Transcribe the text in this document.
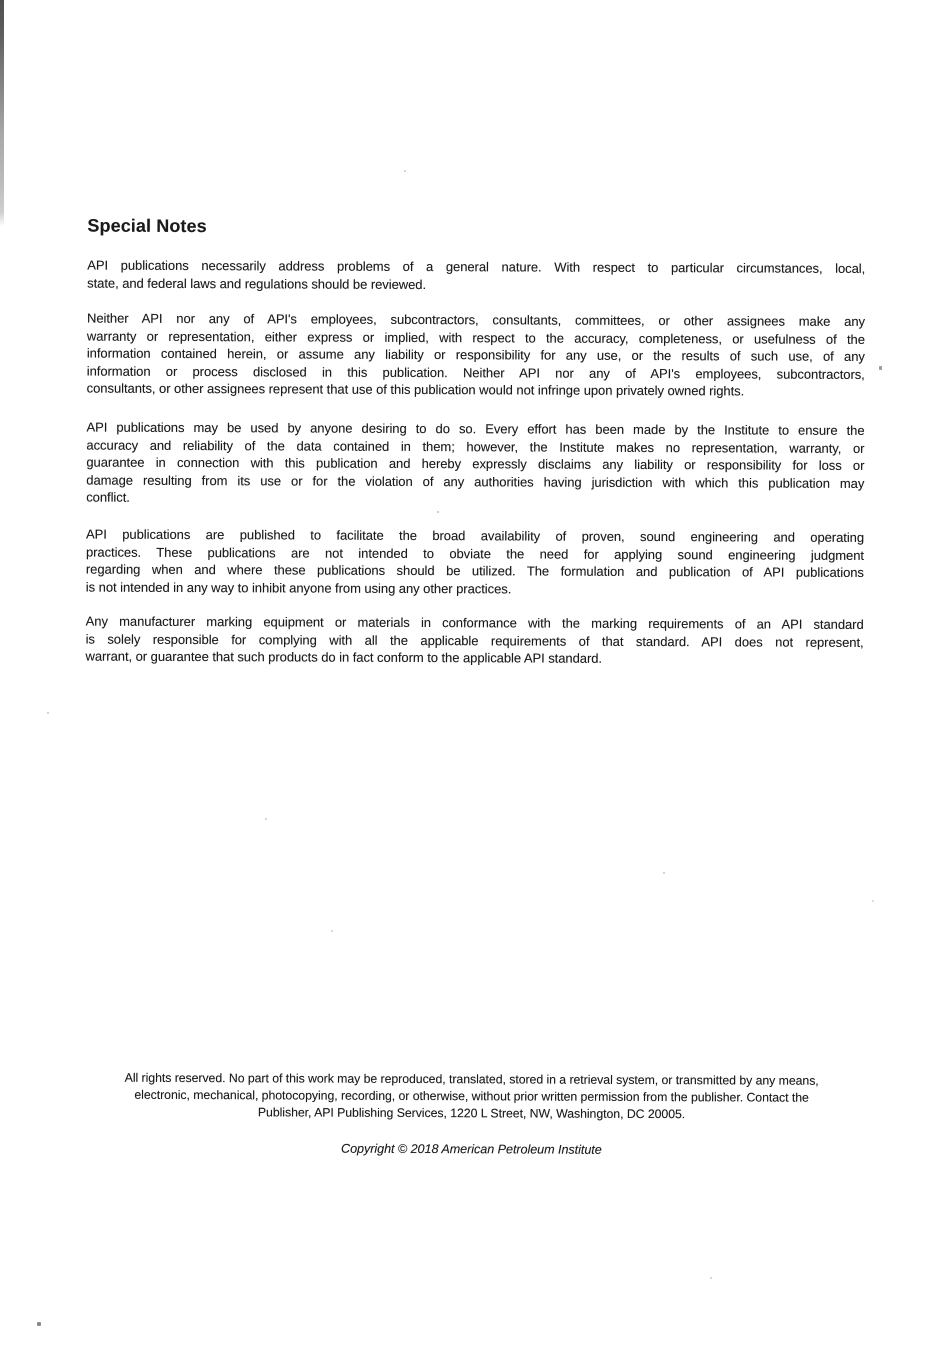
Special Notes
API publications necessarily address problems of a general nature. With respect to particular circumstances, local,
state, and federal laws and regulations should be reviewed.
Neither API nor any of API's employees, subcontractors, consultants, committees, or other assignees make any
warranty or representation, either express or implied, with respect to the accuracy, completeness, or usefulness of the
information contained herein, or assume any liability or responsibility for any use, or the results of such use, of any
information or process disclosed in this publication. Neither API nor any of API's employees, subcontractors,
consultants, or other assignees represent that use of this publication would not infringe upon privately owned rights.
API publications may be used by anyone desiring to do so. Every effort has been made by the Institute to ensure the
accuracy and reliability of the data contained in them; however, the Institute makes no representation, warranty, or
guarantee in connection with this publication and hereby expressly disclaims any liability or responsibility for loss or
damage resulting from its use or for the violation of any authorities having jurisdiction with which this publication may
conflict.
API publications are published to facilitate the broad availability of proven, sound engineering and operating
practices. These publications are not intended to obviate the need for applying sound engineering judgment
regarding when and where these publications should be utilized. The formulation and publication of API publications
is not intended in any way to inhibit anyone from using any other practices.
Any manufacturer marking equipment or materials in conformance with the marking requirements of an API standard
is solely responsible for complying with all the applicable requirements of that standard. API does not represent,
warrant, or guarantee that such products do in fact conform to the applicable API standard.
All rights reserved. No part of this work may be reproduced, translated, stored in a retrieval system, or transmitted by any means,
electronic, mechanical, photocopying, recording, or otherwise, without prior written permission from the publisher. Contact the
Publisher, API Publishing Services, 1220 L Street, NW, Washington, DC 20005.
Copyright © 2018 American Petroleum Institute
